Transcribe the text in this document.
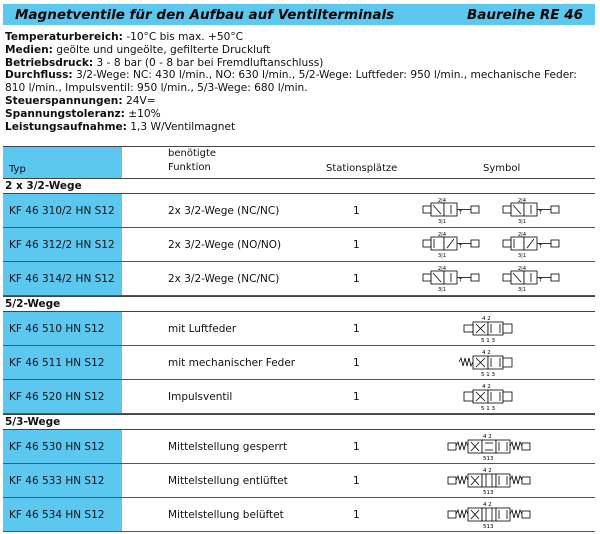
Magnetventile für den Aufbau auf Ventilterminals	Baureihe RE 46
Temperaturbereich: -10°C bis max. +50°C
Medien: geölte und ungeölte, gefilterte Druckluft
Betriebsdruck: 3 - 8 bar (0 - 8 bar bei Fremdluftanschluss)
Durchfluss: 3/2-Wege: NC: 430 l/min., NO: 630 l/min., 5/2-Wege: Luftfeder: 950 l/min., mechanische Feder: 810 l/min., Impulsventil: 950 l/min., 5/3-Wege: 680 l/min.
Steuerspannungen: 24V=
Spannungstoleranz: ±10%
Leistungsaufnahme: 1,3 W/Ventilmagnet
Typ
benötigte
Funktion	Stationsplätze	Symbol
2 x 3/2-Wege
KF 46 310/2 HN S12	2x 3/2-Wege (NC/NC)	1
2|4
3|1
T
2|4
3|1
T
KF 46 312/2 HN S12	2x 3/2-Wege (NO/NO)	1
2|4
3|1
T
2|4
3|1
T
KF 46 314/2 HN S12	2x 3/2-Wege (NC/NC)	1
2|4
3|1
T
2|4
3|1
T
5/2-Wege
KF 46 510 HN S12	mit Luftfeder	1
4 2
5 1 3
KF 46 511 HN S12	mit mechanischer Feder	1
4 2
5 1 3
KF 46 520 HN S12	Impulsventil	1
4 2
5 1 3
5/3-Wege
KF 46 530 HN S12	Mittelstellung gesperrt	1
4 2
513
KF 46 533 HN S12	Mittelstellung entlüftet	1
4 2
513
KF 46 534 HN S12	Mittelstellung belüftet	1
4 2
513
